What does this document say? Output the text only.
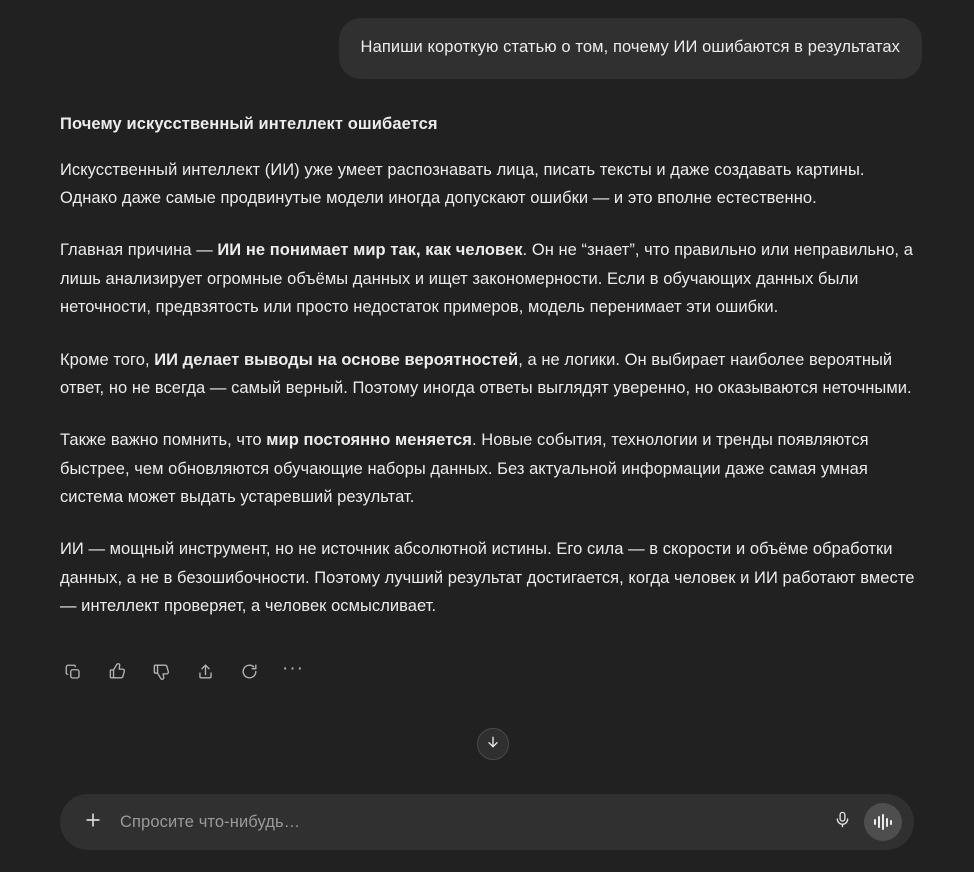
Напиши короткую статью о том, почему ИИ ошибаются в результатах
Почему искусственный интеллект ошибается

Искусственный интеллект (ИИ) уже умеет распознавать лица, писать тексты и даже создавать картины. Однако даже самые продвинутые модели иногда допускают ошибки — и это вполне естественно.

Главная причина — ИИ не понимает мир так, как человек. Он не “знает”, что правильно или неправильно, а лишь анализирует огромные объёмы данных и ищет закономерности. Если в обучающих данных были неточности, предвзятость или просто недостаток примеров, модель перенимает эти ошибки.

Кроме того, ИИ делает выводы на основе вероятностей, а не логики. Он выбирает наиболее вероятный ответ, но не всегда — самый верный. Поэтому иногда ответы выглядят уверенно, но оказываются неточными.

Также важно помнить, что мир постоянно меняется. Новые события, технологии и тренды появляются быстрее, чем обновляются обучающие наборы данных. Без актуальной информации даже самая умная система может выдать устаревший результат.

ИИ — мощный инструмент, но не источник абсолютной истины. Его сила — в скорости и объёме обработки данных, а не в безошибочности. Поэтому лучший результат достигается, когда человек и ИИ работают вместе — интеллект проверяет, а человек осмысливает.

···
Спросите что-нибудь…
